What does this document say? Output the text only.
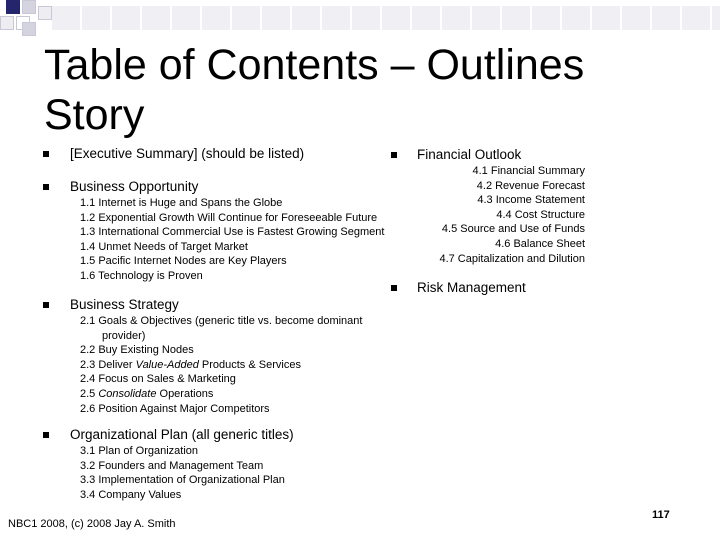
Table of Contents – Outlines
Story
[Executive Summary] (should be listed)
Business Opportunity
1.1 Internet is Huge and Spans the Globe
1.2 Exponential Growth Will Continue for Foreseeable Future
1.3 International Commercial Use is Fastest Growing Segment
1.4 Unmet Needs of Target Market
1.5 Pacific Internet Nodes are Key Players
1.6 Technology is Proven
Business Strategy
2.1 Goals & Objectives (generic title vs. become dominant
provider)
2.2 Buy Existing Nodes
2.3 Deliver Value-Added Products & Services
2.4 Focus on Sales & Marketing
2.5 Consolidate Operations
2.6 Position Against Major Competitors
Organizational Plan (all generic titles)
3.1 Plan of Organization
3.2 Founders and Management Team
3.3 Implementation of Organizational Plan
3.4 Company Values
Financial Outlook
4.1 Financial Summary
4.2 Revenue Forecast
4.3 Income Statement
4.4 Cost Structure
4.5 Source and Use of Funds
4.6 Balance Sheet
4.7 Capitalization and Dilution
Risk Management
NBC1 2008, (c) 2008 Jay A. Smith
117
